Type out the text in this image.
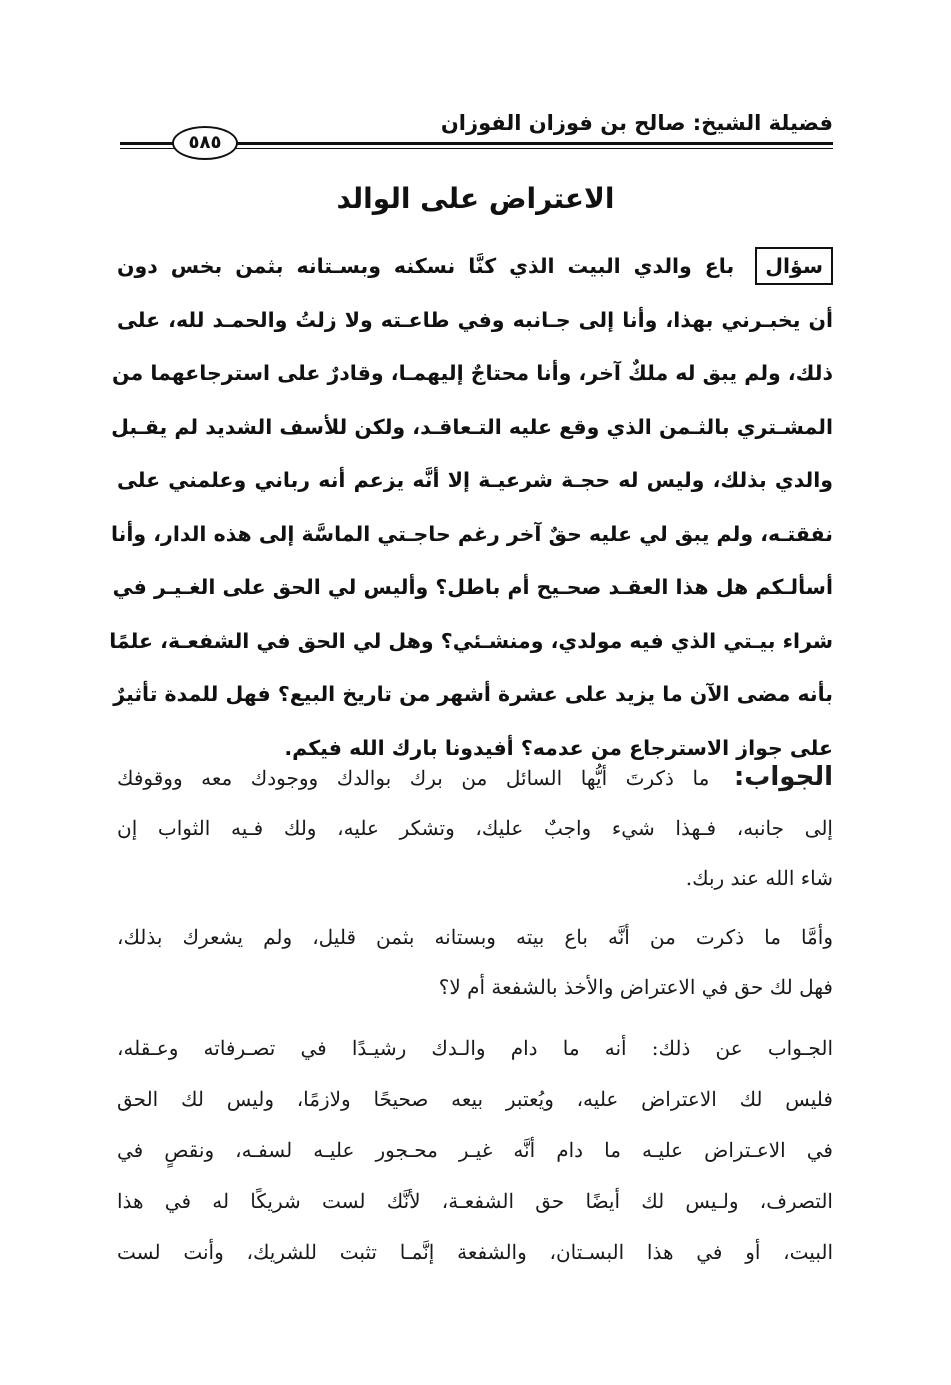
فضيلة الشيخ: صالح بن فوزان الفوزان
٥٨٥
الاعتراض على الوالد
سؤال باع والدي البيت الذي كنَّا نسكنه وبسـتانه بثمن بخس دون
أن يخبـرني بهذا، وأنا إلى جـانبه وفي طاعـته ولا زلتُ والحمـد لله، على
ذلك، ولم يبق له ملكٌ آخر، وأنا محتاجٌ إليهمـا، وقادرٌ على استرجاعهما من
المشـتري بالثـمن الذي وقع عليه التـعاقـد، ولكن للأسف الشديد لم يقـبل
والدي بذلك، وليس له حجـة شرعيـة إلا أنَّه يزعم أنه رباني وعلمني على
نفقتـه، ولم يبق لي عليه حقٌ آخر رغم حاجـتي الماسَّة إلى هذه الدار، وأنا
أسألـكم هل هذا العقـد صحـيح أم باطل؟ وأليس لي الحق على الغـيـر في
شراء بيـتي الذي فيه مولدي، ومنشـئي؟ وهل لي الحق في الشفعـة، علمًا
بأنه مضى الآن ما يزيد على عشرة أشهر من تاريخ البيع؟ فهل للمدة تأثيرٌ
على جواز الاسترجاع من عدمه؟ أفيدونا بارك الله فيكم.
الجواب: ما ذكرتَ أيُّها السائل من برك بوالدك ووجودك معه ووقوفك
إلى جانبه، فـهذا شيء واجبٌ عليك، وتشكر عليه، ولك فـيه الثواب إن
شاء الله عند ربك.
وأمَّا ما ذكرت من أنَّه باع بيته وبستانه بثمن قليل، ولم يشعرك بذلك،
فهل لك حق في الاعتراض والأخذ بالشفعة أم لا؟
الجـواب عن ذلك: أنه ما دام والـدك رشيـدًا في تصـرفاته وعـقله،
فليس لك الاعتراض عليه، ويُعتبر بيعه صحيحًا ولازمًا، وليس لك الحق
في الاعـتراض عليـه ما دام أنَّه غيـر محـجور عليـه لسفـه، ونقصٍ في
التصرف، ولـيس لك أيضًا حق الشفعـة، لأنَّك لست شريكًا له في هذا
البيت، أو في هذا البسـتان، والشفعة إنَّمـا تثبت للشريك، وأنت لست
